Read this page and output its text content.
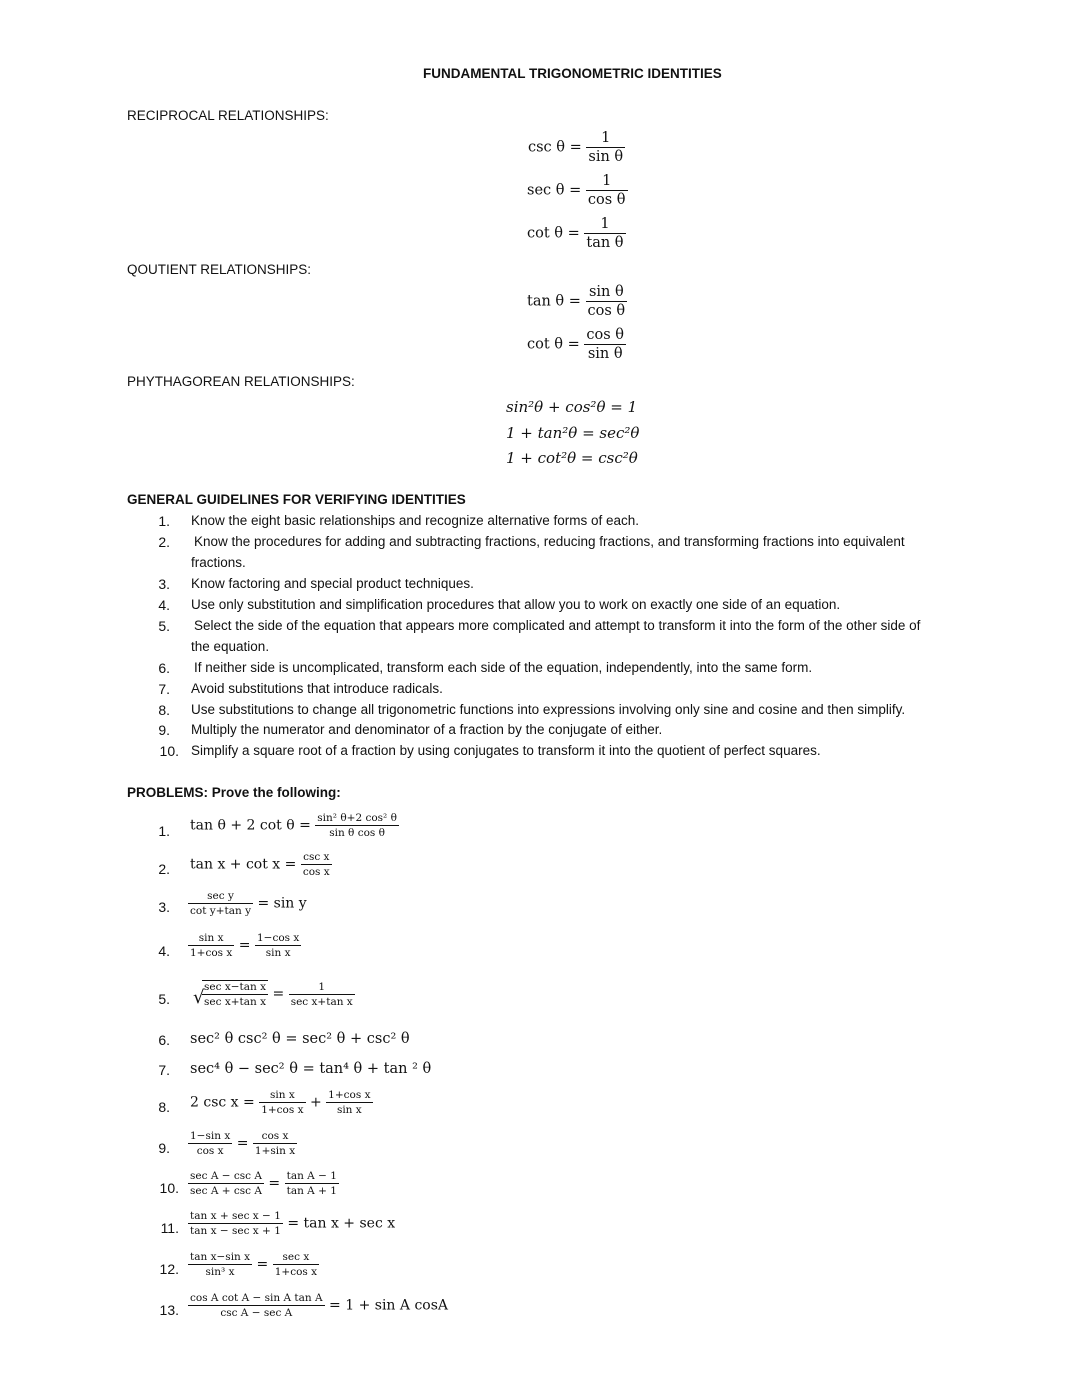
FUNDAMENTAL TRIGONOMETRIC IDENTITIES
RECIPROCAL RELATIONSHIPS:
$\csc \theta = \frac{1}{\text{sin θ}}$
$\sec \theta = \frac{1}{\text{cos θ}}$
$\cot \theta = \frac{1}{\text{tan θ}}$
QOUTIENT RELATIONSHIPS:
$\tan \theta = \frac{\text{sin θ}}{\text{cos θ}}$
$\cot \theta = \frac{\text{cos θ}}{\text{sin θ}}$
PHYTHAGOREAN RELATIONSHIPS:
sin²θ + cos²θ = 1
1 + tan²θ = sec²θ
1 + cot²θ = csc²θ
GENERAL GUIDELINES FOR VERIFYING IDENTITIES
1. Know the eight basic relationships and recognize alternative forms of each.
2. Know the procedures for adding and subtracting fractions, reducing fractions, and transforming fractions into equivalent
fractions.
3. Know factoring and special product techniques.
4. Use only substitution and simplification procedures that allow you to work on exactly one side of an equation.
5. Select the side of the equation that appears more complicated and attempt to transform it into the form of the other side of
the equation.
6. If neither side is uncomplicated, transform each side of the equation, independently, into the same form.
7. Avoid substitutions that introduce radicals.
8. Use substitutions to change all trigonometric functions into expressions involving only sine and cosine and then simplify.
9. Multiply the numerator and denominator of a fraction by the conjugate of either.
10. Simplify a square root of a fraction by using conjugates to transform it into the quotient of perfect squares.
PROBLEMS: Prove the following:
1. tan θ + 2 $\cot \theta = \frac{\text{sin² θ+2 cos² θ}}{\text{sin θ cos θ}}$
2. tan x + cot x = csc x
cos x
3.
sec y
cot y+tan y = sin y
4. $\frac{\text{sin x}}{\text{1+cos x}} = \frac{\text{1−cos x}}{\text{sin x}}$
5.
√ sec x−tan x
sec x+tan x =	1
sec x+tan x
6. sec² θ csc² θ = sec² θ + csc² θ
7. sec⁴ θ − sec² θ = tan⁴ θ + tan ² θ
8. 2 $\csc x = \frac{\text{sin x}}{\text{1+cos x}} + \frac{\text{1+cos x}}{\text{sin x}}$
9. $\frac{\text{1−sin x}}{\text{cos x}} = \frac{\text{cos x}}{\text{1+sin x}}$
10.
sec A − csc A
$\sec A + \csc A = \frac{\text{tan A − 1}}{\text{tan A + 1}}$
11.
tan x + sec x − 1
tan x − sec x + 1 = tan x + sec x
12. $\frac{\text{tan x−sin x}}{\text{sin³ x}}$ =	sec x
1+cos x
13.
cos A cot A − sin A tan A
csc A − sec A	= 1 + sin A cosA
